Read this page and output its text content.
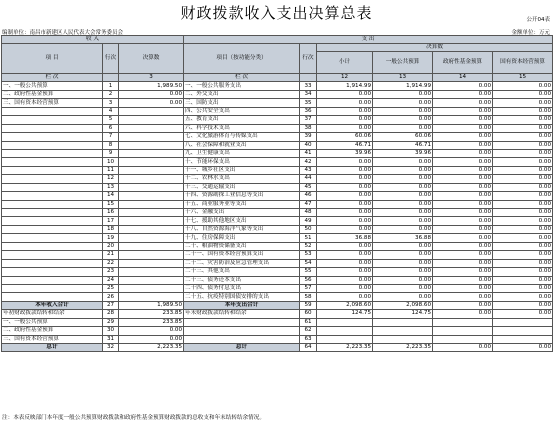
财政拨款收入支出决算总表	公开04表
编制单位：南昌市新建区人民代表大会常务委员会	金额单位：万元
收 入			支 出					
项 目	行次	决算数	项目（按功能分类）	行次	决算数			
					小计	一般公共预算	政府性基金预算	国有资本经营预算
栏 次		3	栏 次		12	13	14	15
一、一般公共预算	1	1,989.50	一、一般公共服务支出	33	1,914.99	1,914.99	0.00	0.00
二、政府性基金预算	2	0.00	二、外交支出	34	0.00	0.00	0.00	0.00
三、国有资本经营预算	3	0.00	三、国防支出	35	0.00	0.00	0.00	0.00
	4		四、公共安全支出	36	0.00	0.00	0.00	0.00
	5		五、教育支出	37	0.00	0.00	0.00	0.00
	6		六、科学技术支出	38	0.00	0.00	0.00	0.00
	7		七、文化旅游体育与传媒支出	39	60.06	60.06	0.00	0.00
	8		八、社会保障和就业支出	40	46.71	46.71	0.00	0.00
	9		九、卫生健康支出	41	39.96	39.96	0.00	0.00
	10		十、节能环保支出	42	0.00	0.00	0.00	0.00
	11		十一、城乡社区支出	43	0.00	0.00	0.00	0.00
	12		十二、农林水支出	44	0.00	0.00	0.00	0.00
	13		十三、交通运输支出	45	0.00	0.00	0.00	0.00
	14		十四、资源勘探工业信息等支出	46	0.00	0.00	0.00	0.00
	15		十五、商业服务业等支出	47	0.00	0.00	0.00	0.00
	16		十六、金融支出	48	0.00	0.00	0.00	0.00
	17		十七、援助其他地区支出	49	0.00	0.00	0.00	0.00
	18		十八、自然资源海洋气象等支出	50	0.00	0.00	0.00	0.00
	19		十九、住房保障支出	51	36.88	36.88	0.00	0.00
	20		二十、粮油物资储备支出	52	0.00	0.00	0.00	0.00
	21		二十一、国有资本经营预算支出	53	0.00	0.00	0.00	0.00
	22		二十二、灾害防治及应急管理支出	54	0.00	0.00	0.00	0.00
	23		二十三、其他支出	55	0.00	0.00	0.00	0.00
	24		二十三、债务还本支出	56	0.00	0.00	0.00	0.00
	25		二十四、债务付息支出	57	0.00	0.00	0.00	0.00
	26		二十五、抗疫特别国债安排的支出	58	0.00	0.00	0.00	0.00
本年收入合计	27	1,989.50	本年支出合计	59	2,098.60	2,098.60	0.00	0.00
年初财政拨款结转和结余	28	233.85	年末财政拨款结转和结余	60	124.75	124.75	0.00	0.00
一、一般公共预算	29	233.85		61				
二、政府性基金预算	30	0.00		62				
三、国有资本经营预算	31	0.00		63				
总计	32	2,223.35	总计	64	2,223.35	2,223.35	0.00	0.00
注：本表反映部门本年度一般公共预算财政拨款和政府性基金预算财政拨款的总收支和年末结转结余情况。
